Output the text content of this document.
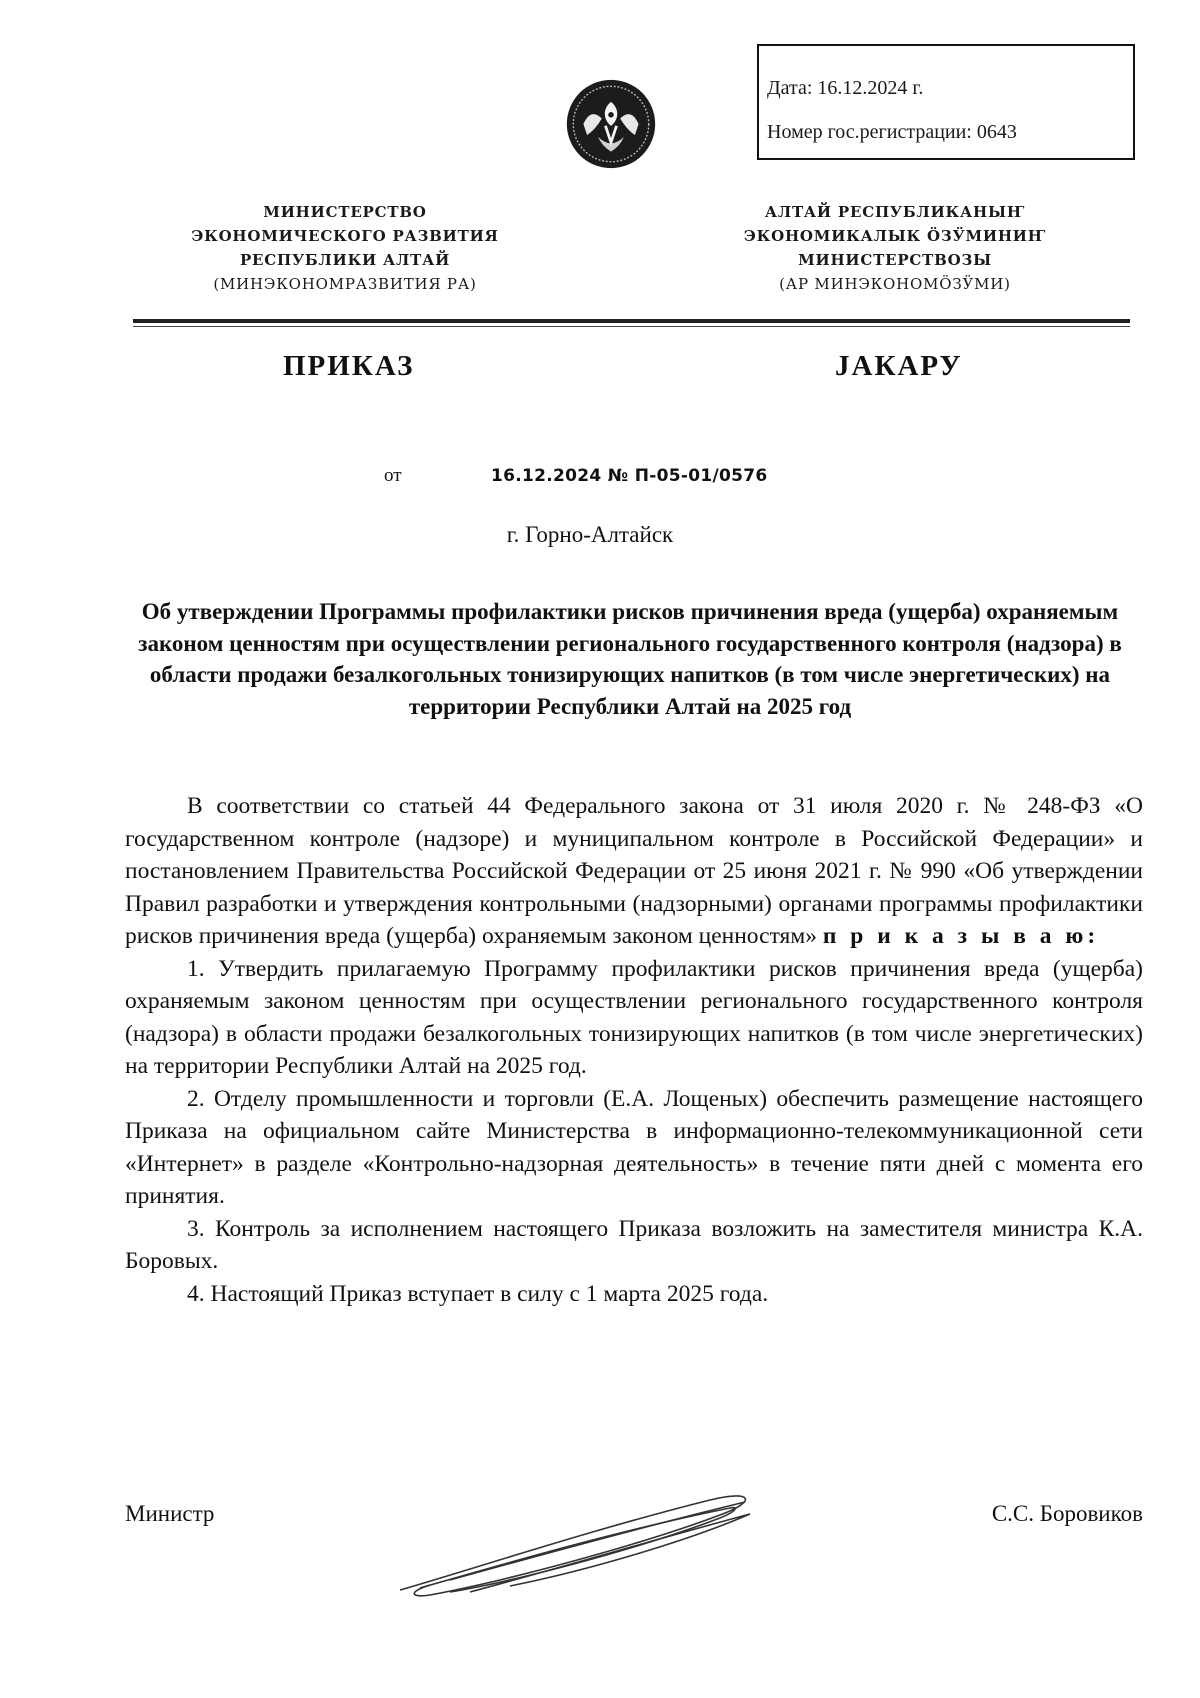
Дата: 16.12.2024 г.
Номер гос.регистрации: 0643
МИНИСТЕРСТВО
ЭКОНОМИЧЕСКОГО РАЗВИТИЯ
РЕСПУБЛИКИ АЛТАЙ
(МИНЭКОНОМРАЗВИТИЯ РА)
АЛТАЙ РЕСПУБЛИКАНЫҤ
ЭКОНОМИКАЛЫК ӦЗӰМИНИҤ
МИНИСТЕРСТВОЗЫ
(АР МИНЭКОНОМӦЗӰМИ)
ПРИКАЗ	JАКАРУ
от	16.12.2024 № П-05-01/0576
г. Горно-Алтайск
Об утверждении Программы профилактики рисков причинения вреда (ущерба) охраняемым законом ценностям при осуществлении регионального государственного контроля (надзора) в области продажи безалкогольных тонизирующих напитков (в том числе энергетических) на территории Республики Алтай на 2025 год

В соответствии со статьей 44 Федерального закона от 31 июля 2020 г. № 248-ФЗ «О государственном контроле (надзоре) и муниципальном контроле в Российской Федерации» и постановлением Правительства Российской Федерации от 25 июня 2021 г. № 990 «Об утверждении Правил разработки и утверждения контрольными (надзорными) органами программы профилактики рисков причинения вреда (ущерба) охраняемым законом ценностям» п р и к а з ы в а ю:

1. Утвердить прилагаемую Программу профилактики рисков причинения вреда (ущерба) охраняемым законом ценностям при осуществлении регионального государственного контроля (надзора) в области продажи безалкогольных тонизирующих напитков (в том числе энергетических) на территории Республики Алтай на 2025 год.

2. Отделу промышленности и торговли (Е.А. Лощеных) обеспечить размещение настоящего Приказа на официальном сайте Министерства в информационно-телекоммуникационной сети «Интернет» в разделе «Контрольно-надзорная деятельность» в течение пяти дней с момента его принятия.

3. Контроль за исполнением настоящего Приказа возложить на заместителя министра К.А. Боровых.

4. Настоящий Приказ вступает в силу с 1 марта 2025 года.

Министр	С.С. Боровиков
